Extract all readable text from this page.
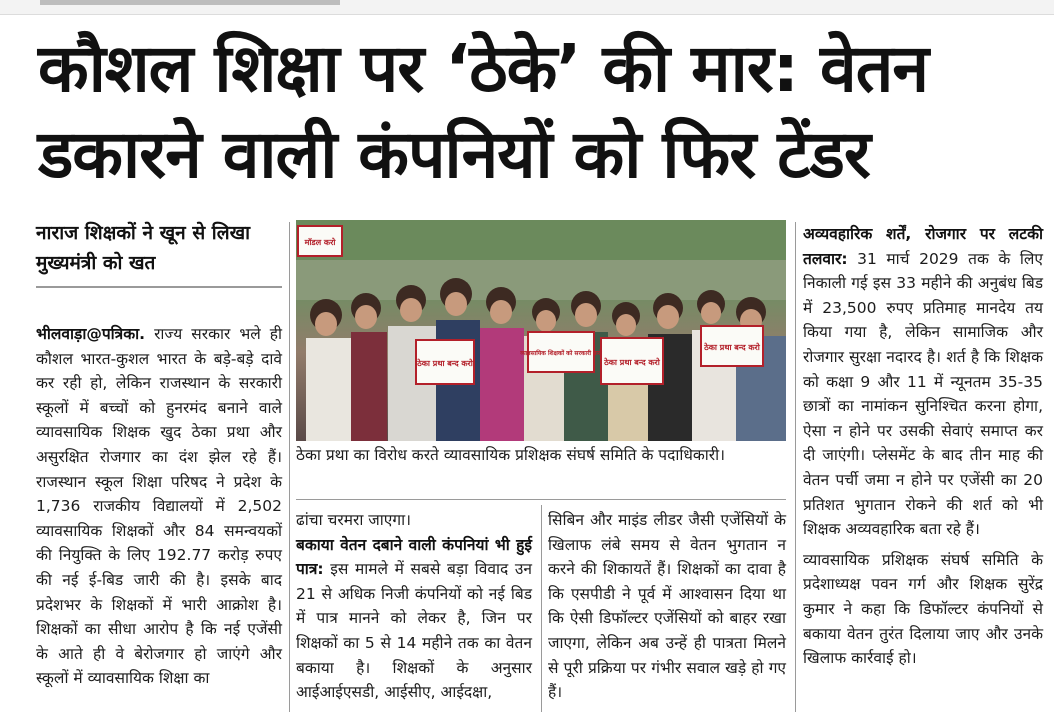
कौशल शिक्षा पर ‘ठेके’ की मार: वेतन
डकारने वाली कंपनियों को फिर टेंडर
नाराज शिक्षकों ने खून से लिखा मुख्यमंत्री को खत

भीलवाड़ा@पत्रिका. राज्य सरकार भले ही कौशल भारत-कुशल भारत के बड़े-बड़े दावे कर रही हो, लेकिन राजस्थान के सरकारी स्कूलों में बच्चों को हुनरमंद बनाने वाले व्यावसायिक शिक्षक खुद ठेका प्रथा और असुरक्षित रोजगार का दंश झेल रहे हैं। राजस्थान स्कूल शिक्षा परिषद ने प्रदेश के 1,736 राजकीय विद्यालयों में 2,502 व्यावसायिक शिक्षकों और 84 समन्वयकों की नियुक्ति के लिए 192.77 करोड़ रुपए की नई ई-बिड जारी की है। इसके बाद प्रदेशभर के शिक्षकों में भारी आक्रोश है। शिक्षकों का सीधा आरोप है कि नई एजेंसी के आते ही वे बेरोजगार हो जाएंगे और स्कूलों में व्यावसायिक शिक्षा का

ठेका प्रथा बन्द करो	ठेका प्रथा बन्द करो
व्यावसायिक शिक्षकों को सरकारी करो
ठेका प्रथा बन्द करो
मॉडल करो

ठेका प्रथा का विरोध करते व्यावसायिक प्रशिक्षक संघर्ष समिति के पदाधिकारी।

ढांचा चरमरा जाएगा।

बकाया वेतन दबाने वाली कंपनियां भी हुई पात्र: इस मामले में सबसे बड़ा विवाद उन 21 से अधिक निजी कंपनियों को नई बिड में पात्र मानने को लेकर है, जिन पर शिक्षकों का 5 से 14 महीने तक का वेतन बकाया है। शिक्षकों के अनुसार आईआईएसडी, आईसीए, आईदक्षा,

सिबिन और माइंड लीडर जैसी एजेंसियों के खिलाफ लंबे समय से वेतन भुगतान न करने की शिकायतें हैं। शिक्षकों का दावा है कि एसपीडी ने पूर्व में आश्वासन दिया था कि ऐसी डिफॉल्टर एजेंसियों को बाहर रखा जाएगा, लेकिन अब उन्हें ही पात्रता मिलने से पूरी प्रक्रिया पर गंभीर सवाल खड़े हो गए हैं।

अव्यवहारिक शर्तें, रोजगार पर लटकी तलवार: 31 मार्च 2029 तक के लिए निकाली गई इस 33 महीने की अनुबंध बिड में 23,500 रुपए प्रतिमाह मानदेय तय किया गया है, लेकिन सामाजिक और रोजगार सुरक्षा नदारद है। शर्त है कि शिक्षक को कक्षा 9 और 11 में न्यूनतम 35-35 छात्रों का नामांकन सुनिश्चित करना होगा, ऐसा न होने पर उसकी सेवाएं समाप्त कर दी जाएंगी। प्लेसमेंट के बाद तीन माह की वेतन पर्ची जमा न होने पर एजेंसी का 20 प्रतिशत भुगतान रोकने की शर्त को भी शिक्षक अव्यवहारिक बता रहे हैं।

व्यावसायिक प्रशिक्षक संघर्ष समिति के प्रदेशाध्यक्ष पवन गर्ग और शिक्षक सुरेंद्र कुमार ने कहा कि डिफॉल्टर कंपनियों से बकाया वेतन तुरंत दिलाया जाए और उनके खिलाफ कार्रवाई हो।
